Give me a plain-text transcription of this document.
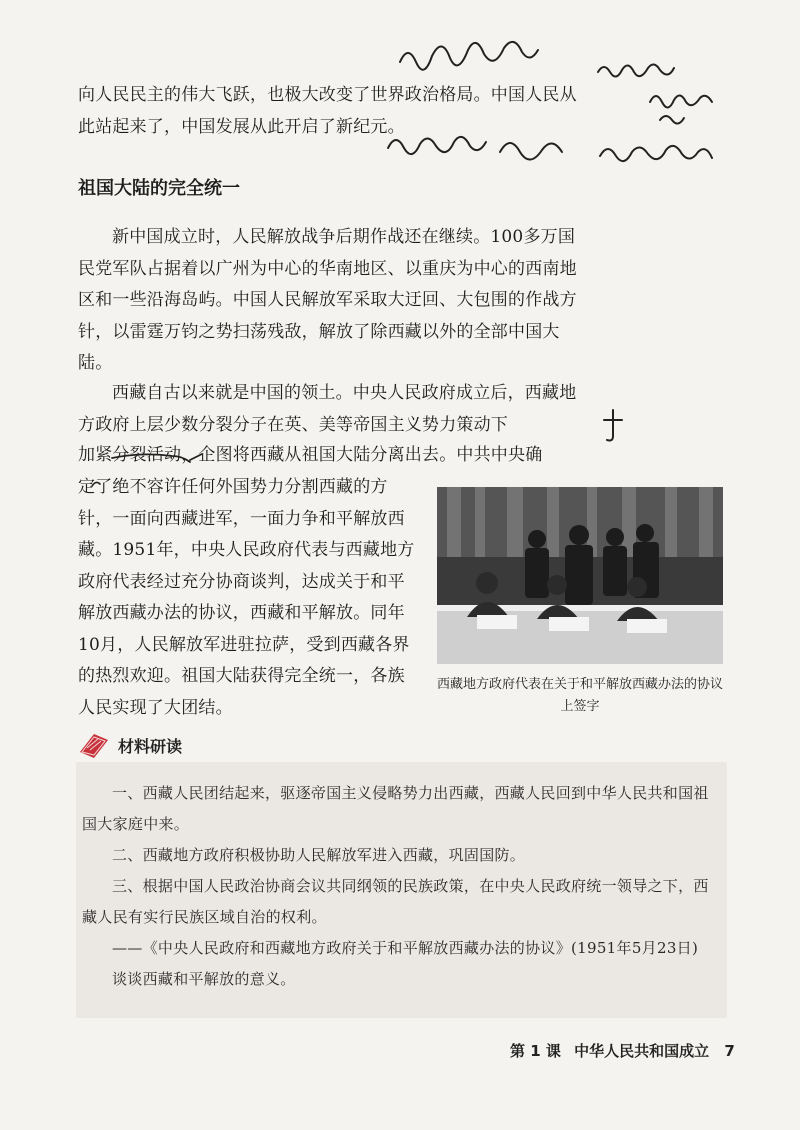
向人民民主的伟大飞跃，也极大改变了世界政治格局。中国人民从此站起来了，中国发展从此开启了新纪元。

祖国大陆的完全统一

新中国成立时，人民解放战争后期作战还在继续。100多万国民党军队占据着以广州为中心的华南地区、以重庆为中心的西南地区和一些沿海岛屿。中国人民解放军采取大迂回、大包围的作战方针，以雷霆万钧之势扫荡残敌，解放了除西藏以外的全部中国大陆。

西藏自古以来就是中国的领土。中央人民政府成立后，西藏地方政府上层少数分裂分子在英、美等帝国主义势力策动下

加紧分裂活动，企图将西藏从祖国大陆分离出去。中共中央确

定了绝不容许任何外国势力分割西藏的方针，一面向西藏进军，一面力争和平解放西藏。1951年，中央人民政府代表与西藏地方政府代表经过充分协商谈判，达成关于和平解放西藏办法的协议，西藏和平解放。同年10月，人民解放军进驻拉萨，受到西藏各界的热烈欢迎。祖国大陆获得完全统一，各族人民实现了大团结。

西藏地方政府代表在关于和平解放西藏办法的协议上签字

材料研读

一、西藏人民团结起来，驱逐帝国主义侵略势力出西藏，西藏人民回到中华人民共和国祖国大家庭中来。

二、西藏地方政府积极协助人民解放军进入西藏，巩固国防。

三、根据中国人民政治协商会议共同纲领的民族政策，在中央人民政府统一领导之下，西藏人民有实行民族区域自治的权利。

——《中央人民政府和西藏地方政府关于和平解放西藏办法的协议》(1951年5月23日)

谈谈西藏和平解放的意义。

第 1 课 中华人民共和国成立 7
